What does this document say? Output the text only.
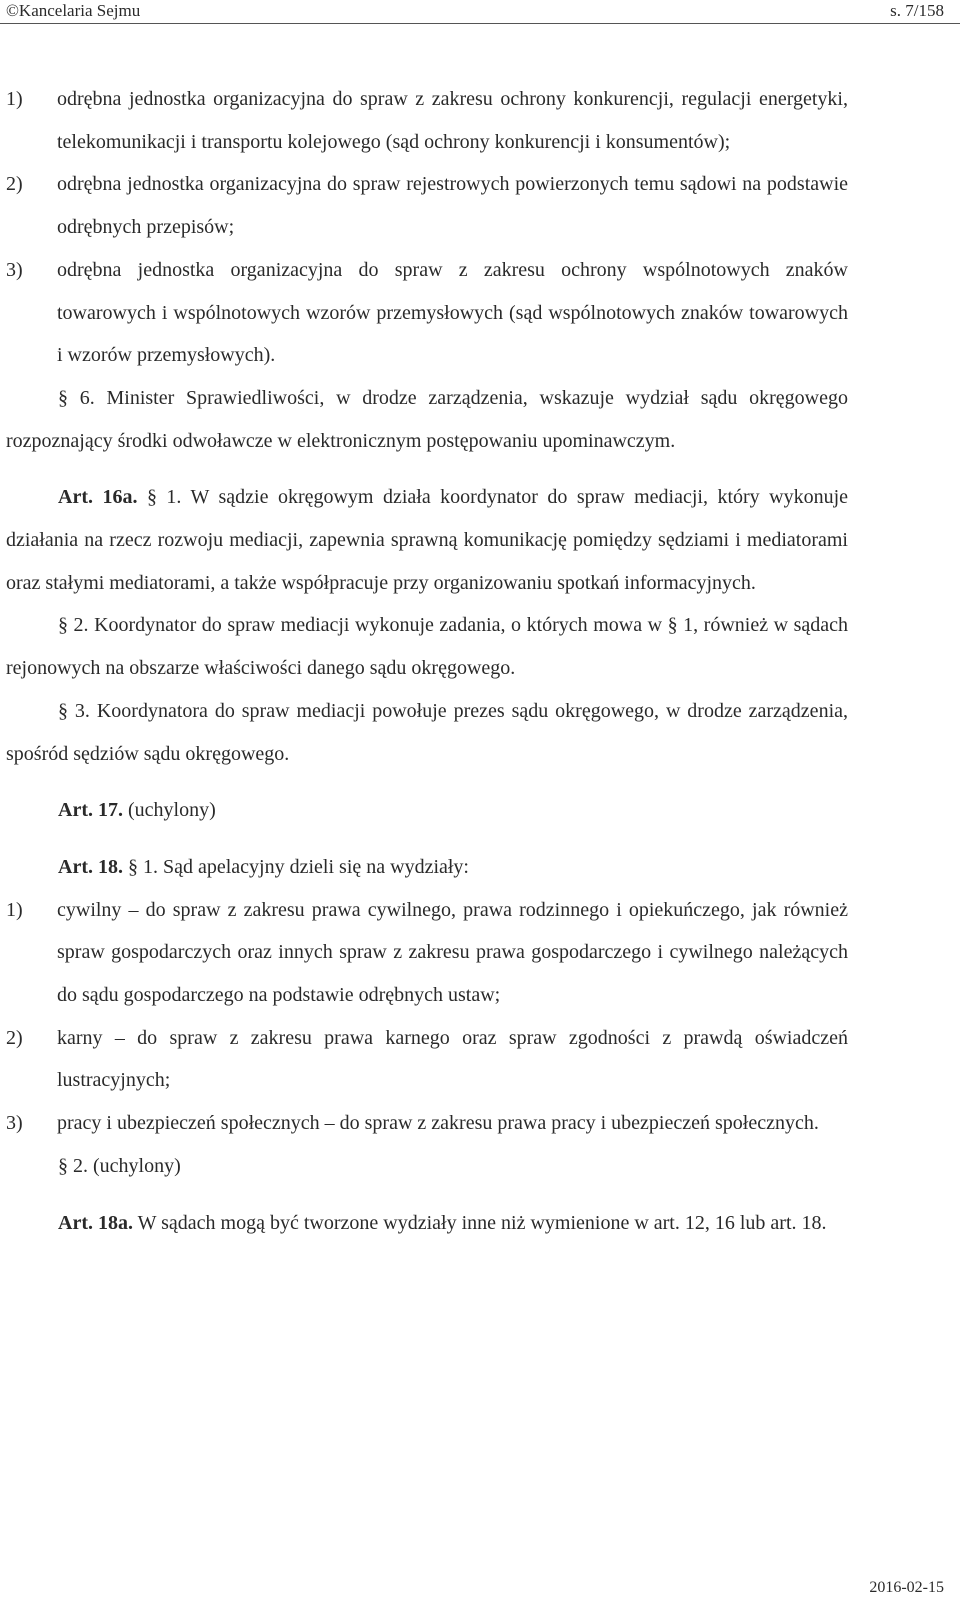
©Kancelaria Sejmu	s. 7/158
1)	odrębna jednostka organizacyjna do spraw z zakresu ochrony konkurencji, regulacji energetyki, telekomunikacji i transportu kolejowego (sąd ochrony konkurencji i konsumentów);
2)	odrębna jednostka organizacyjna do spraw rejestrowych powierzonych temu sądowi na podstawie odrębnych przepisów;
3)	odrębna jednostka organizacyjna do spraw z zakresu ochrony wspólnotowych znaków towarowych i wspólnotowych wzorów przemysłowych (sąd wspólnotowych znaków towarowych i wzorów przemysłowych).

§ 6. Minister Sprawiedliwości, w drodze zarządzenia, wskazuje wydział sądu okręgowego rozpoznający środki odwoławcze w elektronicznym postępowaniu upominawczym.

Art. 16a. § 1. W sądzie okręgowym działa koordynator do spraw mediacji, który wykonuje działania na rzecz rozwoju mediacji, zapewnia sprawną komunikację pomiędzy sędziami i mediatorami oraz stałymi mediatorami, a także współpracuje przy organizowaniu spotkań informacyjnych.

§ 2. Koordynator do spraw mediacji wykonuje zadania, o których mowa w § 1, również w sądach rejonowych na obszarze właściwości danego sądu okręgowego.

§ 3. Koordynatora do spraw mediacji powołuje prezes sądu okręgowego, w drodze zarządzenia, spośród sędziów sądu okręgowego.

Art. 17. (uchylony)

Art. 18. § 1. Sąd apelacyjny dzieli się na wydziały:

1)	cywilny – do spraw z zakresu prawa cywilnego, prawa rodzinnego i opiekuńczego, jak również spraw gospodarczych oraz innych spraw z zakresu prawa gospodarczego i cywilnego należących do sądu gospodarczego na podstawie odrębnych ustaw;
2)	karny – do spraw z zakresu prawa karnego oraz spraw zgodności z prawdą oświadczeń lustracyjnych;
3)	pracy i ubezpieczeń społecznych – do spraw z zakresu prawa pracy i ubezpieczeń społecznych.

§ 2. (uchylony)

Art. 18a. W sądach mogą być tworzone wydziały inne niż wymienione w art. 12, 16 lub art. 18.

2016-02-15
